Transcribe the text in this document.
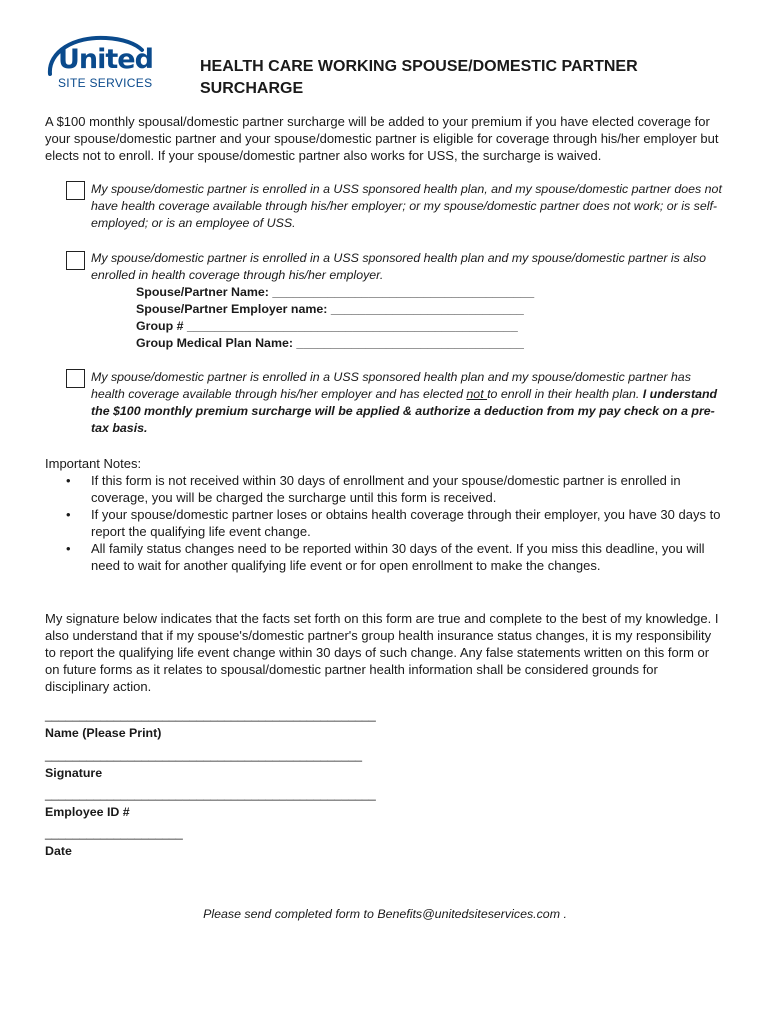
United
SITE SERVICES
HEALTH CARE WORKING SPOUSE/DOMESTIC PARTNER SURCHARGE
A $100 monthly spousal/domestic partner surcharge will be added to your premium if you have elected coverage for your spouse/domestic partner and your spouse/domestic partner is eligible for coverage through his/her employer but elects not to enroll. If your spouse/domestic partner also works for USS, the surcharge is waived.
My spouse/domestic partner is enrolled in a USS sponsored health plan, and my spouse/domestic partner does not have health coverage available through his/her employer; or my spouse/domestic partner does not work; or is self-employed; or is an employee of USS.
My spouse/domestic partner is enrolled in a USS sponsored health plan and my spouse/domestic partner is also enrolled in health coverage through his/her employer.
Spouse/Partner Name: ______________________________________
Spouse/Partner Employer name: ____________________________
Group # ________________________________________________
Group Medical Plan Name: _________________________________
My spouse/domestic partner is enrolled in a USS sponsored health plan and my spouse/domestic partner has health coverage available through his/her employer and has elected not to enroll in their health plan. I understand the $100 monthly premium surcharge will be applied & authorize a deduction from my pay check on a pre-tax basis.
Important Notes:
• If this form is not received within 30 days of enrollment and your spouse/domestic partner is enrolled in coverage, you will be charged the surcharge until this form is received.
• If your spouse/domestic partner loses or obtains health coverage through their employer, you have 30 days to report the qualifying life event change.
• All family status changes need to be reported within 30 days of the event. If you miss this deadline, you will need to wait for another qualifying life event or for open enrollment to make the changes.
My signature below indicates that the facts set forth on this form are true and complete to the best of my knowledge. I also understand that if my spouse's/domestic partner's group health insurance status changes, it is my responsibility to report the qualifying life event change within 30 days of such change. Any false statements written on this form or on future forms as it relates to spousal/domestic partner health information shall be considered grounds for disciplinary action.
________________________________________________
Name (Please Print)
______________________________________________
Signature
________________________________________________
Employee ID #
____________________
Date
Please send completed form to Benefits@unitedsiteservices.com .
